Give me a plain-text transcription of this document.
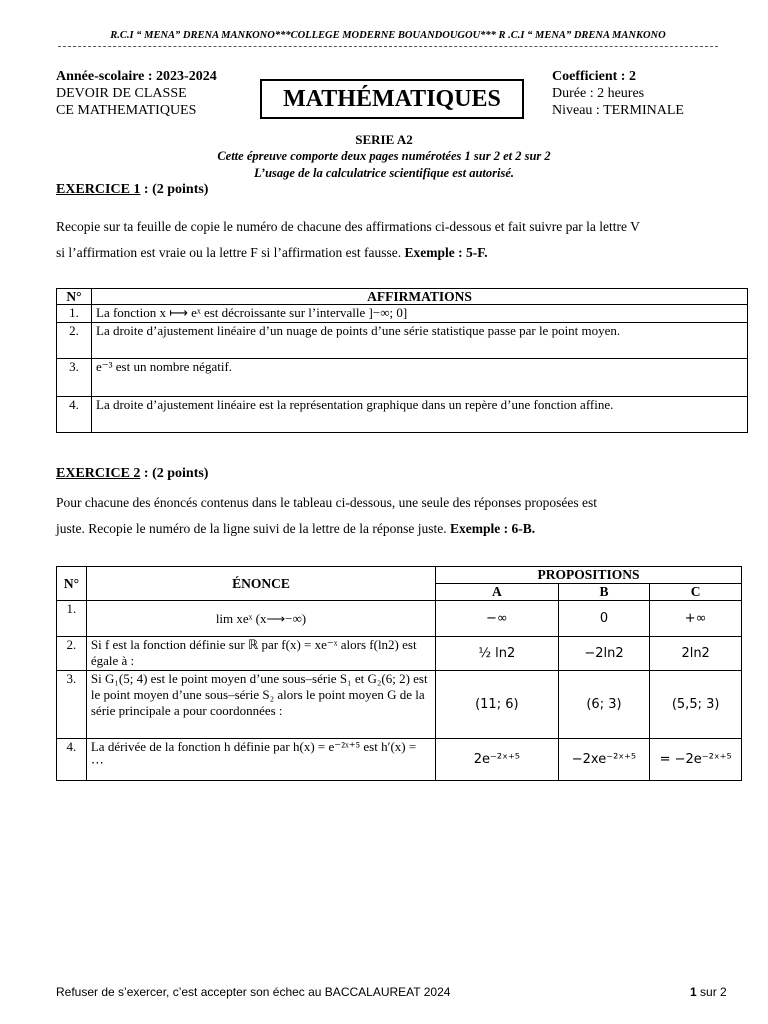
R.C.I “ MENA” DRENA MANKONO***COLLEGE MODERNE BOUANDOUGOU*** R .C.I “ MENA” DRENA MANKONO
Année-scolaire : 2023-2024
DEVOIR DE CLASSE
CE MATHEMATIQUES	MATHÉMATIQUES
Coefficient : 2
Durée : 2 heures
Niveau : TERMINALE
SERIE A2
Cette épreuve comporte deux pages numérotées 1 sur 2 et 2 sur 2
L’usage de la calculatrice scientifique est autorisé.
EXERCICE 1 : (2 points)
Recopie sur ta feuille de copie le numéro de chacune des affirmations ci-dessous et fait suivre par la lettre V
si l’affirmation est vraie ou la lettre F si l’affirmation est fausse. Exemple : 5-F.
N°	AFFIRMATIONS
1.	La fonction x ⟼ eˣ est décroissante sur l’intervalle ]−∞; 0]
2.	La droite d’ajustement linéaire d’un nuage de points d’une série statistique passe par le point moyen.
3.	e⁻³ est un nombre négatif.
4.	La droite d’ajustement linéaire est la représentation graphique dans un repère d’une fonction affine.
EXERCICE 2 : (2 points)
Pour chacune des énoncés contenus dans le tableau ci-dessous, une seule des réponses proposées est
juste. Recopie le numéro de la ligne suivi de la lettre de la réponse juste. Exemple : 6-B.
N°	ÉNONCE	PROPOSITIONS		
		A	B	C
1.	lim xeˣ (x⟶−∞)	−∞	0	+∞
2.	Si f est la fonction définie sur ℝ par f(x) = xe⁻ˣ alors f(ln2) est égale à :	½ ln2	−2ln2	2ln2
3.	Si G₁(5; 4) est le point moyen d’une sous–série S₁ et G₂(6; 2) est le point moyen d’une sous–série S₂ alors le point moyen G de la série principale a pour coordonnées :	(11; 6)	(6; 3)	(5,5; 3)
4.	La dérivée de la fonction h définie par h(x) = e⁻²ˣ⁺⁵ est h′(x) = ⋯	2e⁻²ˣ⁺⁵	−2xe⁻²ˣ⁺⁵	= −2e⁻²ˣ⁺⁵
Refuser de s’exercer, c’est accepter son échec au BACCALAUREAT 2024	1 sur 2
